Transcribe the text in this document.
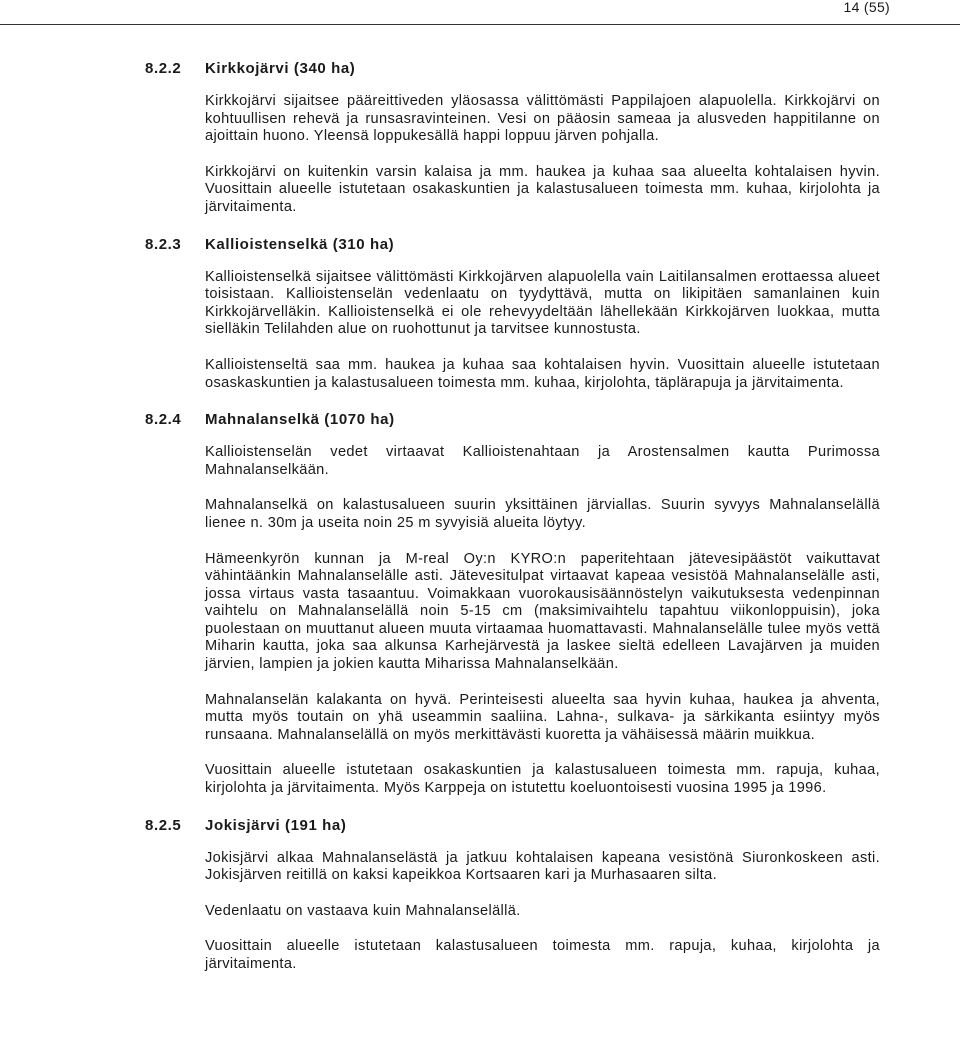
14 (55)
8.2.2	Kirkkojärvi (340 ha)

Kirkkojärvi sijaitsee pääreittiveden yläosassa välittömästi Pappilajoen alapuolella. Kirkkojärvi on kohtuullisen rehevä ja runsasravinteinen. Vesi on pääosin sameaa ja alusveden happitilanne on ajoittain huono. Yleensä loppukesällä happi loppuu järven pohjalla.

Kirkkojärvi on kuitenkin varsin kalaisa ja mm. haukea ja kuhaa saa alueelta kohtalaisen hyvin. Vuosittain alueelle istutetaan osakaskuntien ja kalastusalueen toimesta mm. kuhaa, kirjolohta ja järvitaimenta.

8.2.3	Kallioistenselkä (310 ha)

Kallioistenselkä sijaitsee välittömästi Kirkkojärven alapuolella vain Laitilansalmen erottaessa alueet toisistaan. Kallioistenselän vedenlaatu on tyydyttävä, mutta on likipitäen samanlainen kuin Kirkkojärvelläkin. Kallioistenselkä ei ole rehevyydeltään lähellekään Kirkkojärven luokkaa, mutta sielläkin Telilahden alue on ruohottunut ja tarvitsee kunnostusta.

Kallioistenseltä saa mm. haukea ja kuhaa saa kohtalaisen hyvin. Vuosittain alueelle istutetaan osaskaskuntien ja kalastusalueen toimesta mm. kuhaa, kirjolohta, täplärapuja ja järvitaimenta.

8.2.4	Mahnalanselkä (1070 ha)

Kallioistenselän vedet virtaavat Kallioistenahtaan ja Arostensalmen kautta Purimossa Mahnalanselkään.

Mahnalanselkä on kalastusalueen suurin yksittäinen järviallas. Suurin syvyys Mahnalanselällä lienee n. 30m ja useita noin 25 m syvyisiä alueita löytyy.

Hämeenkyrön kunnan ja M-real Oy:n KYRO:n paperitehtaan jätevesipäästöt vaikuttavat vähintäänkin Mahnalanselälle asti. Jätevesitulpat virtaavat kapeaa vesistöä Mahnalanselälle asti, jossa virtaus vasta tasaantuu. Voimakkaan vuorokausisäännöstelyn vaikutuksesta vedenpinnan vaihtelu on Mahnalanselällä noin 5-15 cm (maksimivaihtelu tapahtuu viikonloppuisin), joka puolestaan on muuttanut alueen muuta virtaamaa huomattavasti. Mahnalanselälle tulee myös vettä Miharin kautta, joka saa alkunsa Karhejärvestä ja laskee sieltä edelleen Lavajärven ja muiden järvien, lampien ja jokien kautta Miharissa Mahnalanselkään.

Mahnalanselän kalakanta on hyvä. Perinteisesti alueelta saa hyvin kuhaa, haukea ja ahventa, mutta myös toutain on yhä useammin saaliina. Lahna-, sulkava- ja särkikanta esiintyy myös runsaana. Mahnalanselällä on myös merkittävästi kuoretta ja vähäisessä määrin muikkua.

Vuosittain alueelle istutetaan osakaskuntien ja kalastusalueen toimesta mm. rapuja, kuhaa, kirjolohta ja järvitaimenta. Myös Karppeja on istutettu koeluontoisesti vuosina 1995 ja 1996.

8.2.5	Jokisjärvi (191 ha)

Jokisjärvi alkaa Mahnalanselästä ja jatkuu kohtalaisen kapeana vesistönä Siuronkoskeen asti. Jokisjärven reitillä on kaksi kapeikkoa Kortsaaren kari ja Murhasaaren silta.

Vedenlaatu on vastaava kuin Mahnalanselällä.

Vuosittain alueelle istutetaan kalastusalueen toimesta mm. rapuja, kuhaa, kirjolohta ja järvitaimenta.
